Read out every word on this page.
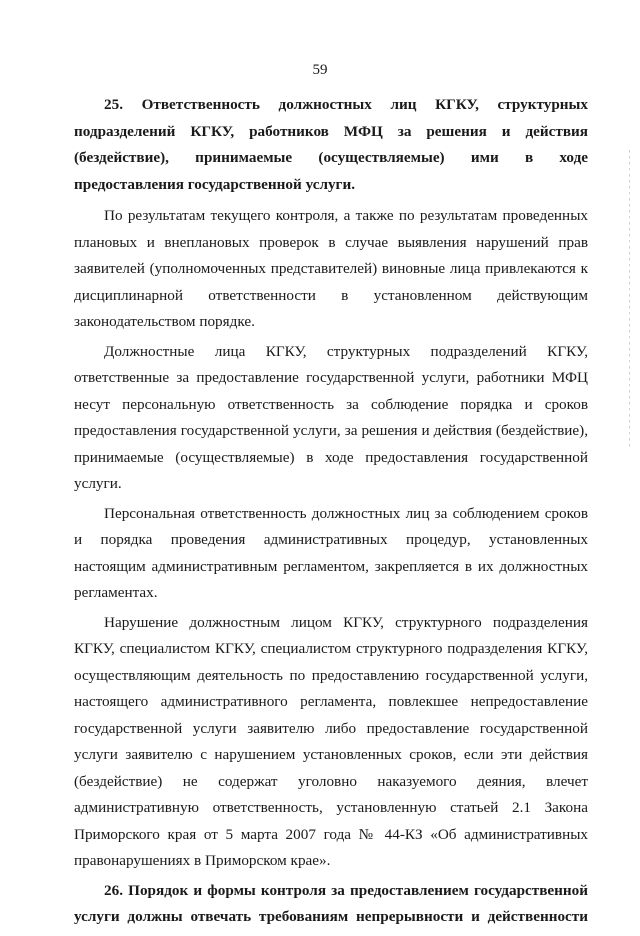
59

25. Ответственность должностных лиц КГКУ, структурных подразделений КГКУ, работников МФЦ за решения и действия (бездействие), принимаемые (осуществляемые) ими в ходе предоставления государственной услуги.

По результатам текущего контроля, а также по результатам проведенных плановых и внеплановых проверок в случае выявления нарушений прав заявителей (уполномоченных представителей) виновные лица привлекаются к дисциплинарной ответственности в установленном действующим законодательством порядке.

Должностные лица КГКУ, структурных подразделений КГКУ, ответственные за предоставление государственной услуги, работники МФЦ несут персональную ответственность за соблюдение порядка и сроков предоставления государственной услуги, за решения и действия (бездействие), принимаемые (осуществляемые) в ходе предоставления государственной услуги.

Персональная ответственность должностных лиц за соблюдением сроков и порядка проведения административных процедур, установленных настоящим административным регламентом, закрепляется в их должностных регламентах.

Нарушение должностным лицом КГКУ, структурного подразделения КГКУ, специалистом КГКУ, специалистом структурного подразделения КГКУ, осуществляющим деятельность по предоставлению государственной услуги, настоящего административного регламента, повлекшее непредоставление государственной услуги заявителю либо предоставление государственной услуги заявителю с нарушением установленных сроков, если эти действия (бездействие) не содержат уголовно наказуемого деяния, влечет административную ответственность, установленную статьей 2.1 Закона Приморского края от 5 марта 2007 года № 44-КЗ «Об административных правонарушениях в Приморском крае».

26. Порядок и формы контроля за предоставлением государственной услуги должны отвечать требованиям непрерывности и действенности
